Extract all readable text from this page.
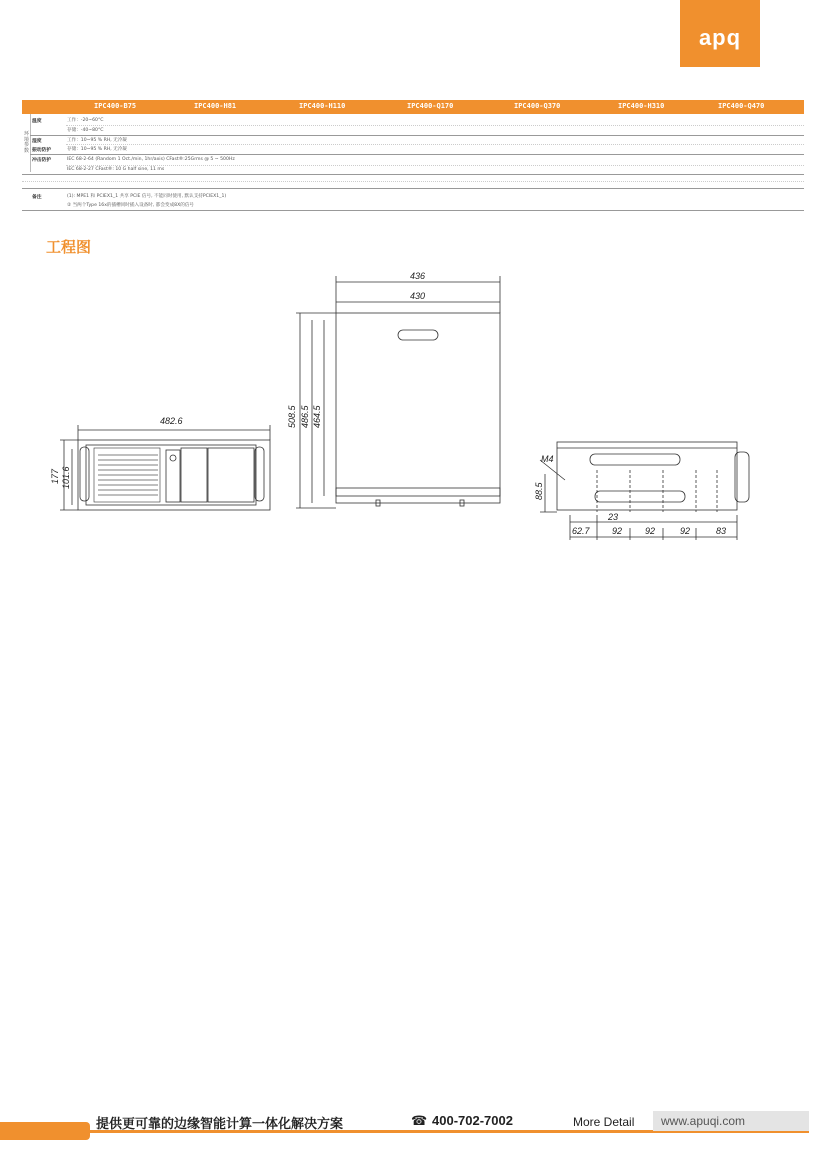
apq
IPC400-B75	IPC400-H81	IPC400-H110	IPC400-Q170	IPC400-Q370	IPC400-H310	IPC400-Q470
环境参数
温度	工作：-20~60°C
存储：-40~80°C
湿度	工作：10~95 % RH, 无冷凝
振动防护	存储：10~95 % RH, 无冷凝
冲击防护	IEC 68-2-64 (Random 1 Oct./min, 1hr/axis) CFast®:25Grms @ 5 ~ 500Hz
IEC 68-2-27 CFast®: 10 G half sine, 11 ms
备注	(1): MPE1 和 PCIEX1_1 共享 PCIE 信号, 不能同时使用, 默认支持PCIEX1_1)
② 当两个Type 16x的插槽同时插入设备时, 都会变成8X的信号
工程图
482.6
177 101.6
436
430
508.5 486.5 464.5
M4
88.5
23
62.7 92	92	92	83
提供更可靠的边缘智能计算一体化解决方案	☎ 400-702-7002	More Detail www.apuqi.com
